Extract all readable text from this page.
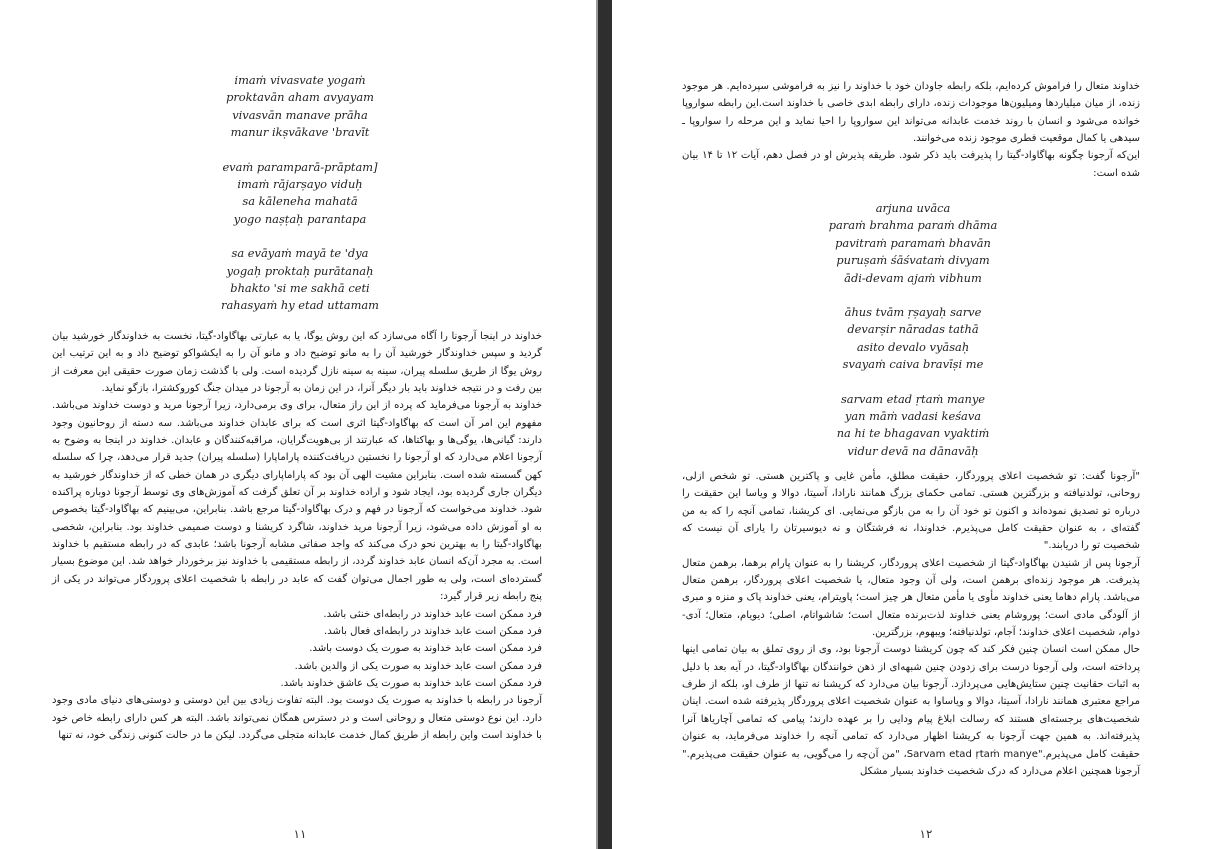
imaṁ vivasvate yogaṁ
proktavān aham avyayam
vivasvān manave prāha
manur ikṣvākave 'bravīt
evaṁ paramparā-prāptam]
imaṁ rājarṣayo viduḥ
sa kāleneha mahatā
yogo naṣṭaḥ parantapa
sa evāyaṁ mayā te 'dya
yogaḥ proktaḥ purātanaḥ
bhakto 'si me sakhā ceti
rahasyaṁ hy etad uttamam
خداوند در اینجا آرجونا را آگاه می‌سازد که این روش یوگا، یا به عبارتی بهاگاواد-گیتا، نخست به خداوندگار خورشید بیان گردید و سپس خداوندگار خورشید آن را به مانو توضیح داد و مانو آن را به ایکشواکو توضیح داد و به این ترتیب این روش یوگا از طریق سلسله پیران، سینه به سینه نازل گردیده است. ولی با گذشت زمان صورت حقیقی این معرفت از بین رفت و در نتیجه خداوند باید بار دیگر آنرا، در این زمان به آرجونا در میدان جنگ کوروکشترا، بازگو نماید.
خداوند به آرجونا می‌فرماید که پرده از این راز متعال، برای وی برمی‌دارد، زیرا آرجونا مرید و دوست خداوند می‌باشد. مفهوم این امر آن است که بهاگاواد-گیتا اثری است که برای عابدان خداوند می‌باشد. سه دسته از روحانیون وجود دارند: گیانی‌ها، یوگی‌ها و بهاکتاها، که عبارتند از بی‌هویت‌گرایان، مراقبه‌کنندگان و عابدان. خداوند در اینجا به وضوح به آرجونا اعلام می‌دارد که او آرجونا را نخستین دریافت‌کننده پاراماپارا (سلسله پیران) جدید قرار می‌دهد، چرا که سلسله کهن گسسته شده است. بنابراین مشیت الهی آن بود که پاراماپارای دیگری در همان خطی که از خداوندگار خورشید به دیگران جاری گردیده بود، ایجاد شود و اراده خداوند بر آن تعلق گرفت که آموزش‌های وی توسط آرجونا دوباره پراکنده شود. خداوند می‌خواست که آرجونا در فهم و درک بهاگاواد-گیتا مرجع باشد. بنابراین، می‌بینیم که بهاگاواد-گیتا بخصوص به او آموزش داده می‌شود، زیرا آرجونا مرید خداوند، شاگرد کریشنا و دوست صمیمی خداوند بود. بنابراین، شخصی بهاگاواد-گیتا را به بهترین نحو درک می‌کند که واجد صفاتی مشابه آرجونا باشد؛ عابدی که در رابطه مستقیم با خداوند است. به مجرد آن‌که انسان عابد خداوند گردد، از رابطه مستقیمی با خداوند نیز برخوردار خواهد شد. این موضوع بسیار گسترده‌ای است، ولی به طور اجمال می‌توان گفت که عابد در رابطه با شخصیت اعلای پروردگار می‌تواند در یکی از پنج رابطه زیر قرار گیرد:
فرد ممکن است عابد خداوند در رابطه‌ای خنثی باشد.
فرد ممکن است عابد خداوند در رابطه‌ای فعال باشد.
فرد ممکن است عابد خداوند به صورت یک دوست باشد.
فرد ممکن است عابد خداوند به صورت یکی از والدین باشد.
فرد ممکن است عابد خداوند به صورت یک عاشق خداوند باشد.
آرجونا در رابطه با خداوند به صورت یک دوست بود. البته تفاوت زیادی بین این دوستی و دوستی‌های دنیای مادی وجود دارد. این نوع دوستی متعال و روحانی است و در دسترس همگان نمی‌تواند باشد. البته هر کس دارای رابطه خاص خود با خداوند است واین رابطه از طریق کمال خدمت عابدانه متجلی می‌گردد. لیکن ما در حالت کنونی زندگی خود، نه تنها
۱۱
خداوند متعال را فراموش کرده‌ایم، بلکه رابطه جاودان خود با خداوند را نیز به فراموشی سپرده‌ایم. هر موجود زنده، از میان میلیاردها وميليون‌ها موجودات زنده، دارای رابطه ابدی خاصی با خداوند است.این رابطه سواروپا خوانده می‌شود و انسان با روند خدمت عابدانه می‌تواند این سواروپا را احیا نماید و این مرحله را سواروپا ـ سیدهی یا کمال موقعیت فطری موجود زنده می‌خوانند.
این‌که آرجونا چگونه بهاگاواد-گیتا را پذیرفت باید ذکر شود. طریقه پذیرش او در فصل دهم، آیات ۱۲ تا ۱۴ بیان شده است:
arjuna uvāca
paraṁ brahma paraṁ dhāma
pavitraṁ paramaṁ bhavān
puruṣaṁ śāśvataṁ divyam
ādi-devam ajaṁ vibhum
āhus tvām ṛṣayaḥ sarve
devarṣir nāradas tathā
asito devalo vyāsaḥ
svayaṁ caiva bravīṣi me
sarvam etad ṛtaṁ manye
yan māṁ vadasi keśava
na hi te bhagavan vyaktiṁ
vidur devā na dānavāḥ
"آرجونا گفت: تو شخصیت اعلای پروردگار، حقیقت مطلق، مأمن غایی و پاکترین هستی. تو شخص ازلی، روحانی، تولدنیافته و بزرگترین هستی. تمامی حکمای بزرگ همانند نارادا، آسیتا، دوالا و ویاسا این حقیقت را درباره تو تصدیق نموده‌اند و اکنون تو خود آن را به من بازگو می‌نمایی. ای کریشنا، تمامی آنچه را که به من گفته‌ای ، به عنوان حقیقت کامل می‌پذیرم. خداوندا، نه فرشتگان و نه دیوسیرتان را یارای آن نیست که شخصیت تو را دریابند."
آرجونا پس از شنیدن بهاگاواد-گیتا از شخصیت اعلای پروردگار، کریشنا را به عنوان پارام برهما، برهمن متعال پذیرفت. هر موجود زنده‌ای برهمن است، ولی آن وجود متعال، یا شخصیت اعلای پروردگار، برهمن متعال می‌باشد. پارام دهاما یعنی خداوند مأوی یا مأمن متعال هر چیز است؛ پاویترام، یعنی خداوند پاک و منزه و مبری از آلودگی مادی است؛ پوروشام یعنی خداوند لذت‌برنده متعال است؛ شاشواتام، اصلی؛ دیویام، متعال؛ آدی-دوام، شخصیت اعلای خداوند؛ آجام، تولدنیافته؛ ویبهوم، بزرگترین.
حال ممکن است انسان چنین فکر کند که چون کریشنا دوست آرجونا بود، وی از روی تملق به بیان تمامی اینها پرداخته است، ولی آرجونا درست برای زدودن چنین شبهه‌ای از ذهن خوانندگان بهاگاواد-گیتا، در آیه بعد با دلیل به اثبات حقانیت چنین ستایش‌هایی می‌پردازد. آرجونا بیان می‌دارد که کریشنا نه تنها از طرف او، بلکه از طرف مراجع معتبری همانند نارادا، آسیتا، دوالا و ویاساوا به عنوان شخصیت اعلای پروردگار پذیرفته شده است. اینان شخصیت‌های برجسته‌ای هستند که رسالت ابلاغ پیام ودایی را بر عهده دارند؛ پیامی که تمامی آچاریاها آنرا پذیرفته‌اند. به همین جهت آرجونا به کریشنا اظهار می‌دارد که تمامی آنچه را خداوند می‌فرماید، به عنوان حقیقت کامل می‌پذیرم."Sarvam etad ṛtaṁ manye، "من آن‌چه را می‌گویی، به عنوان حقیقت می‌پذیرم." آرجونا همچنین اعلام می‌دارد که درک شخصیت خداوند بسیار مشکل
۱۲
